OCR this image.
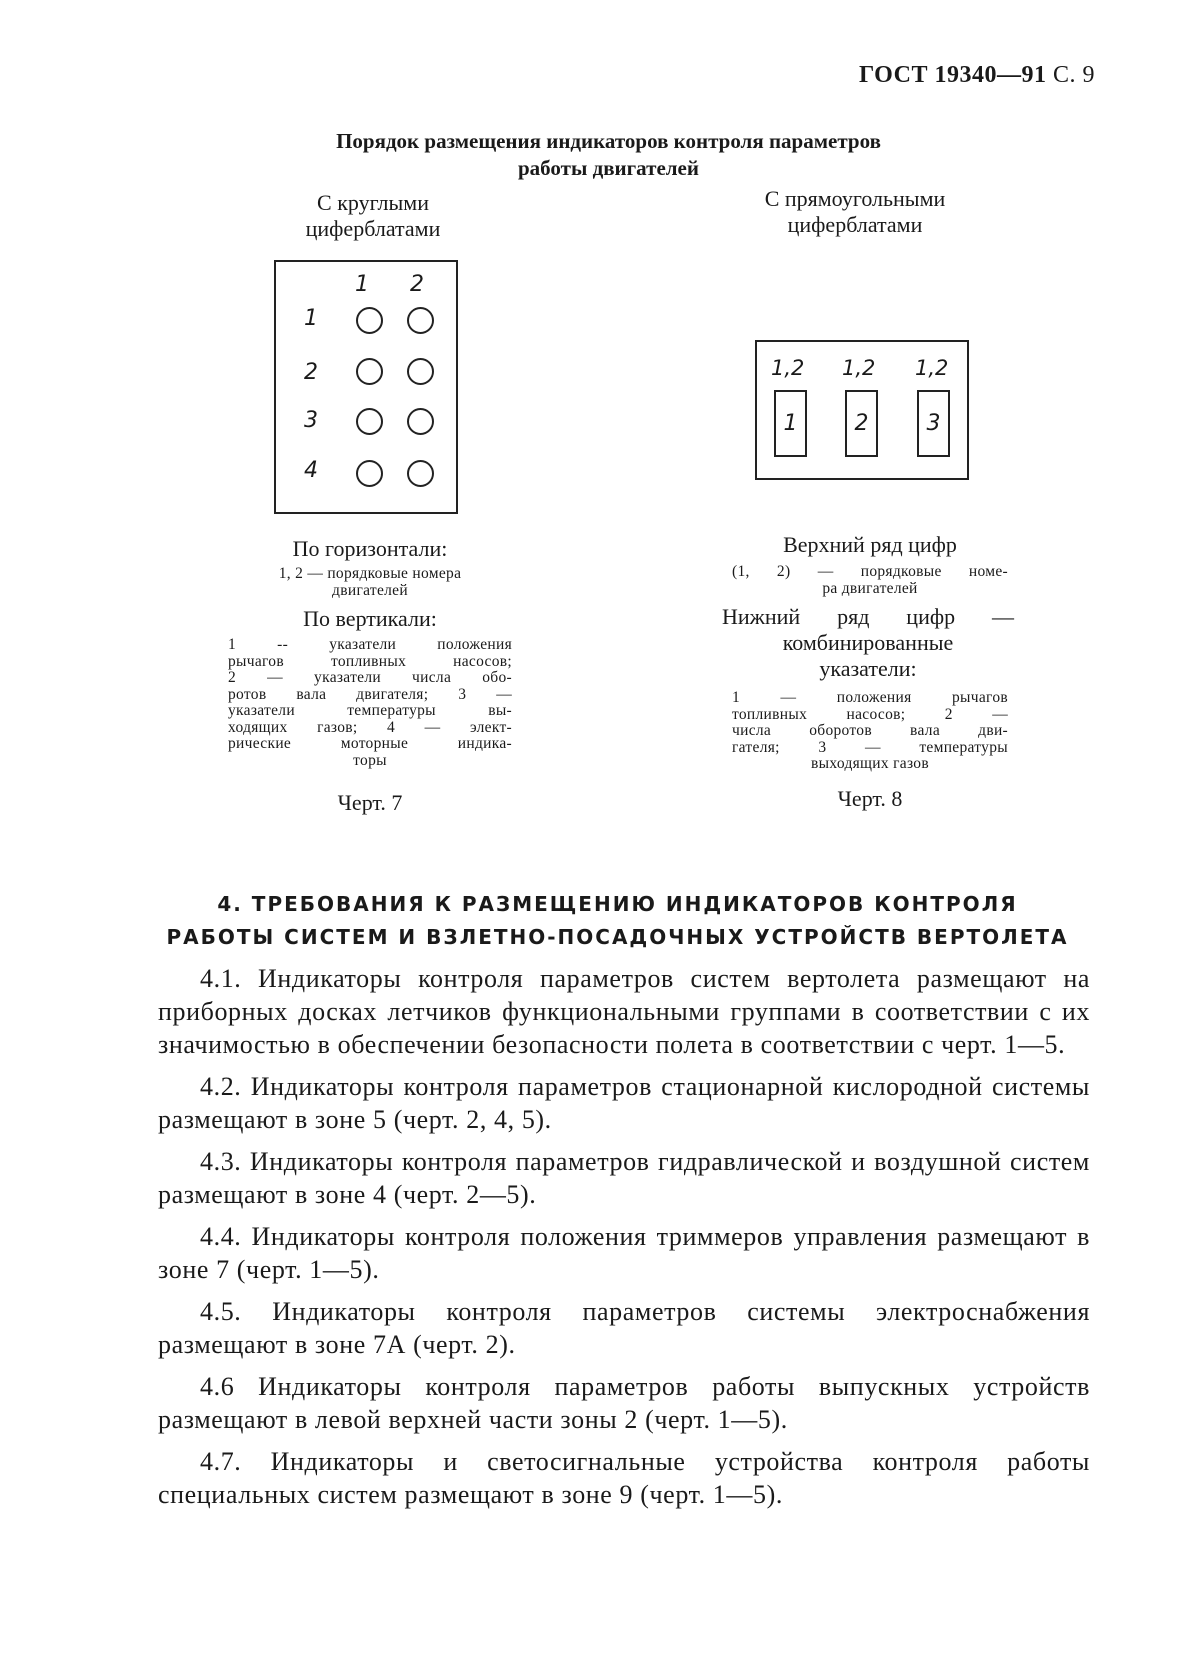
ГОСТ 19340—91 С. 9
Порядок размещения индикаторов контроля параметров
работы двигателей
С круглыми
циферблатами
1 2
1
2
3
4
По горизонтали:
1, 2 — порядковые номера
двигателей
По вертикали:
1 -- указатели положения
рычагов топливных насосов;
2 — указатели числа обо-
ротов вала двигателя; 3 —
указатели температуры вы-
ходящих газов; 4 — элект-
рические моторные индика-
торы
Черт. 7
С прямоугольными
циферблатами
1,2 1,2 1,2
1	2	3
Верхний ряд цифр
(1, 2) — порядковые номе-
ра двигателей
Нижний ряд цифр —
комбинированные
указатели:
1 — положения рычагов
топливных насосов; 2 —
числа оборотов вала дви-
гателя; 3 — температуры
выходящих газов
Черт. 8
4. ТРЕБОВАНИЯ К РАЗМЕЩЕНИЮ ИНДИКАТОРОВ КОНТРОЛЯ
РАБОТЫ СИСТЕМ И ВЗЛЕТНО-ПОСАДОЧНЫХ УСТРОЙСТВ ВЕРТОЛЕТА

4.1. Индикаторы контроля параметров систем вертолета размещают на приборных досках летчиков функциональными группами в соответствии с их значимостью в обеспечении безопасности полета в соответствии с черт. 1—5.

4.2. Индикаторы контроля параметров стационарной кислородной системы размещают в зоне 5 (черт. 2, 4, 5).

4.3. Индикаторы контроля параметров гидравлической и воздушной систем размещают в зоне 4 (черт. 2—5).

4.4. Индикаторы контроля положения триммеров управления размещают в зоне 7 (черт. 1—5).

4.5. Индикаторы контроля параметров системы электроснабжения размещают в зоне 7А (черт. 2).

4.6 Индикаторы контроля параметров работы выпускных устройств размещают в левой верхней части зоны 2 (черт. 1—5).

4.7. Индикаторы и светосигнальные устройства контроля работы специальных систем размещают в зоне 9 (черт. 1—5).
